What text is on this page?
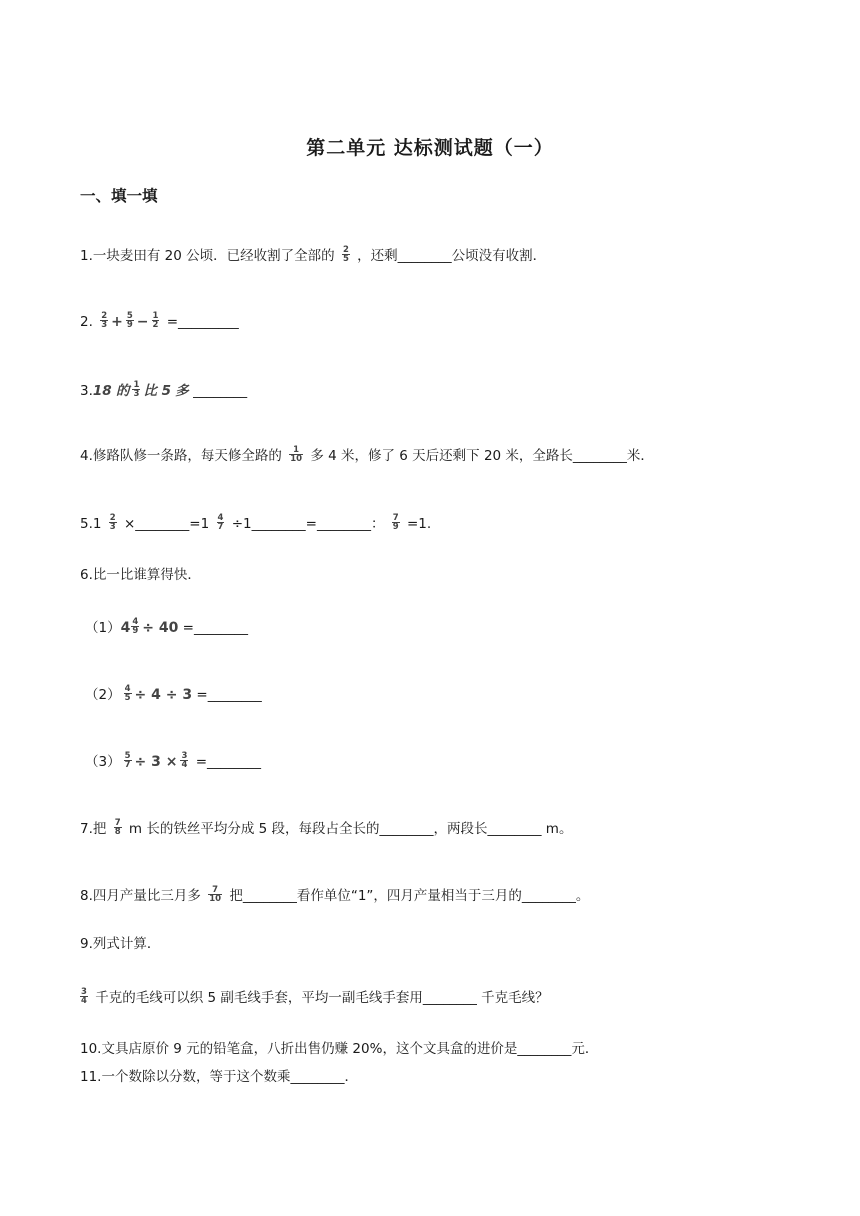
第二单元 达标测试题（一）
一、填一填
1.一块麦田有 20 公顷．已经收割了全部的 $\frac{2}{5}$ ，还剩________公顷没有收割．
2. $\frac{2}{3} + \frac{5}{9} - \frac{1}{2}$ =_________
3.18 的 $\frac{1}{3}$ 比 5 多 ________
4.修路队修一条路，每天修全路的 $\frac{1}{10}$ 多 4 米，修了 6 天后还剩下 20 米，全路长________米．
$5.1 \frac{2}{3}$ ×________=1 $\frac{4}{7}$ ÷1________=________： $\frac{7}{9} =1$.
6.比一比谁算得快．
$(1)4 \frac{4}{9} \div 40$ =________
$(2) \frac{4}{5} \div 4 \div 3$ =________
$(3) \frac{5}{7} \div 3 \times \frac{3}{4}$ =________
7.把 $\frac{7}{8}$ m 长的铁丝平均分成 5 段，每段占全长的________，两段长________ m。
8.四月产量比三月多 $\frac{7}{10}$ 把________看作单位“1”，四月产量相当于三月的________。
9.列式计算．
$\frac{3}{4}$ 千克的毛线可以织 5 副毛线手套，平均一副毛线手套用________ 千克毛线？
10.文具店原价 9 元的铅笔盒，八折出售仍赚 20%，这个文具盒的进价是________元．
11.一个数除以分数，等于这个数乘________．
